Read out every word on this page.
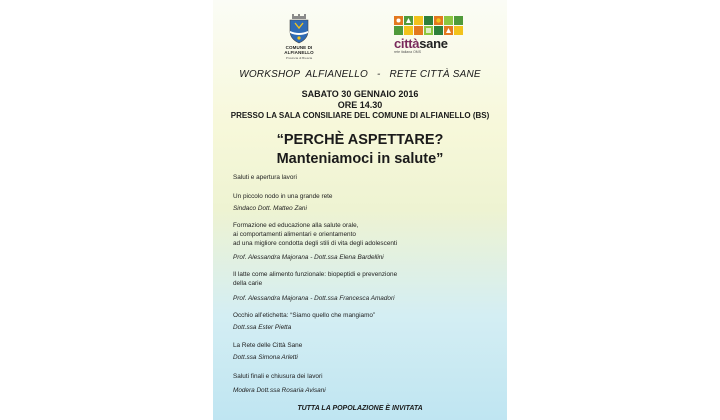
COMUNE DI ALFIANELLO
Provincia di Brescia
cittàsane
rete italiana OMS
WORKSHOP  ALFIANELLO   -   RETE CITTÀ SANE
SABATO 30 GENNAIO 2016
ORE 14.30
PRESSO LA SALA CONSILIARE DEL COMUNE DI ALFIANELLO (BS)
“PERCHÈ ASPETTARE?
Manteniamoci in salute”
Saluti e apertura lavori
Un piccolo nodo in una grande rete
Sindaco Dott. Matteo Zani
Formazione ed educazione alla salute orale,
ai comportamenti alimentari e orientamento
ad una migliore condotta degli stili di vita degli adolescenti
Prof. Alessandra Majorana - Dott.ssa Elena Bardellini
Il latte come alimento funzionale: biopeptidi e prevenzione
della carie
Prof. Alessandra Majorana - Dott.ssa Francesca Amadori
Occhio all’etichetta: “Siamo quello che mangiamo”
Dott.ssa Ester Pietta
La Rete delle Città Sane
Dott.ssa Simona Arletti
Saluti finali e chiusura dei lavori
Modera Dott.ssa Rosaria Avisani
TUTTA LA POPOLAZIONE È INVITATA
